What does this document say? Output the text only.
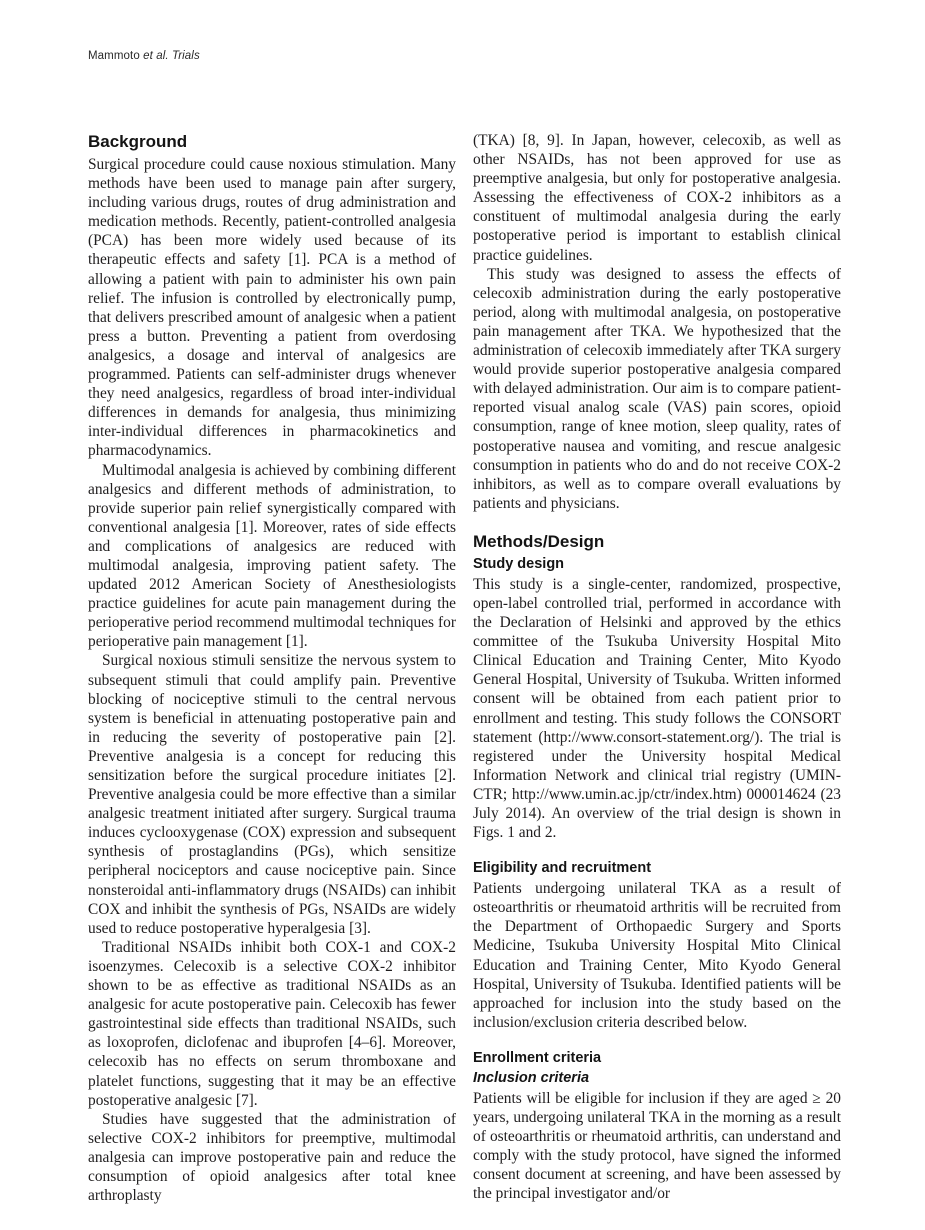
Mammoto et al. Trials
Background

Surgical procedure could cause noxious stimulation. Many methods have been used to manage pain after surgery, including various drugs, routes of drug administration and medication methods. Recently, patient-controlled analgesia (PCA) has been more widely used because of its therapeutic effects and safety [1]. PCA is a method of allowing a patient with pain to administer his own pain relief. The infusion is controlled by electronically pump, that delivers prescribed amount of analgesic when a patient press a button. Preventing a patient from overdosing analgesics, a dosage and interval of analgesics are programmed. Patients can self-administer drugs whenever they need analgesics, regardless of broad inter-individual differences in demands for analgesia, thus minimizing inter-individual differences in pharmacokinetics and pharmacodynamics.

Multimodal analgesia is achieved by combining different analgesics and different methods of administration, to provide superior pain relief synergistically compared with conventional analgesia [1]. Moreover, rates of side effects and complications of analgesics are reduced with multimodal analgesia, improving patient safety. The updated 2012 American Society of Anesthesiologists practice guidelines for acute pain management during the perioperative period recommend multimodal techniques for perioperative pain management [1].

Surgical noxious stimuli sensitize the nervous system to subsequent stimuli that could amplify pain. Preventive blocking of nociceptive stimuli to the central nervous system is beneficial in attenuating postoperative pain and in reducing the severity of postoperative pain [2]. Preventive analgesia is a concept for reducing this sensitization before the surgical procedure initiates [2]. Preventive analgesia could be more effective than a similar analgesic treatment initiated after surgery. Surgical trauma induces cyclooxygenase (COX) expression and subsequent synthesis of prostaglandins (PGs), which sensitize peripheral nociceptors and cause nociceptive pain. Since nonsteroidal anti-inflammatory drugs (NSAIDs) can inhibit COX and inhibit the synthesis of PGs, NSAIDs are widely used to reduce postoperative hyperalgesia [3].

Traditional NSAIDs inhibit both COX-1 and COX-2 isoenzymes. Celecoxib is a selective COX-2 inhibitor shown to be as effective as traditional NSAIDs as an analgesic for acute postoperative pain. Celecoxib has fewer gastrointestinal side effects than traditional NSAIDs, such as loxoprofen, diclofenac and ibuprofen [4–6]. Moreover, celecoxib has no effects on serum thromboxane and platelet functions, suggesting that it may be an effective postoperative analgesic [7].

Studies have suggested that the administration of selective COX-2 inhibitors for preemptive, multimodal analgesia can improve postoperative pain and reduce the consumption of opioid analgesics after total knee arthroplasty

(TKA) [8, 9]. In Japan, however, celecoxib, as well as other NSAIDs, has not been approved for use as preemptive analgesia, but only for postoperative analgesia. Assessing the effectiveness of COX-2 inhibitors as a constituent of multimodal analgesia during the early postoperative period is important to establish clinical practice guidelines.

This study was designed to assess the effects of celecoxib administration during the early postoperative period, along with multimodal analgesia, on postoperative pain management after TKA. We hypothesized that the administration of celecoxib immediately after TKA surgery would provide superior postoperative analgesia compared with delayed administration. Our aim is to compare patient-reported visual analog scale (VAS) pain scores, opioid consumption, range of knee motion, sleep quality, rates of postoperative nausea and vomiting, and rescue analgesic consumption in patients who do and do not receive COX-2 inhibitors, as well as to compare overall evaluations by patients and physicians.

Methods/Design
Study design

This study is a single-center, randomized, prospective, open-label controlled trial, performed in accordance with the Declaration of Helsinki and approved by the ethics committee of the Tsukuba University Hospital Mito Clinical Education and Training Center, Mito Kyodo General Hospital, University of Tsukuba. Written informed consent will be obtained from each patient prior to enrollment and testing. This study follows the CONSORT statement (http://www.consort-statement.org/). The trial is registered under the University hospital Medical Information Network and clinical trial registry (UMIN-CTR; http://www.umin.ac.jp/ctr/index.htm) 000014624 (23 July 2014). An overview of the trial design is shown in Figs. 1 and 2.

Eligibility and recruitment

Patients undergoing unilateral TKA as a result of osteoarthritis or rheumatoid arthritis will be recruited from the Department of Orthopaedic Surgery and Sports Medicine, Tsukuba University Hospital Mito Clinical Education and Training Center, Mito Kyodo General Hospital, University of Tsukuba. Identified patients will be approached for inclusion into the study based on the inclusion/exclusion criteria described below.

Enrollment criteria
Inclusion criteria

Patients will be eligible for inclusion if they are aged ≥ 20 years, undergoing unilateral TKA in the morning as a result of osteoarthritis or rheumatoid arthritis, can understand and comply with the study protocol, have signed the informed consent document at screening, and have been assessed by the principal investigator and/or
